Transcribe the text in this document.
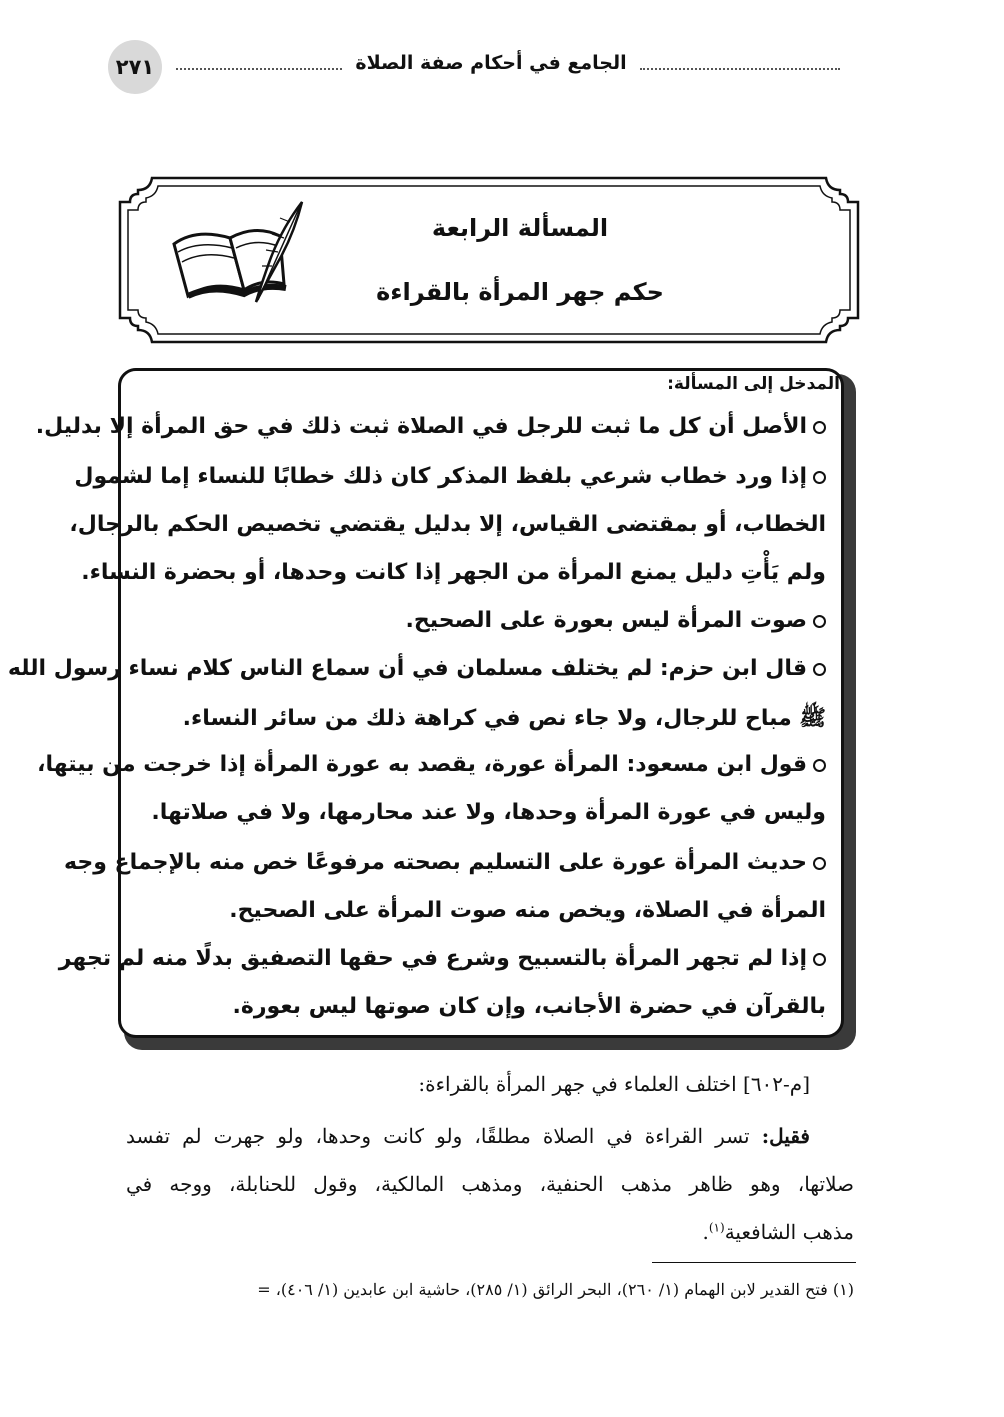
٢٧١	الجامع في أحكام صفة الصلاة
المسألة الرابعة
حكم جهر المرأة بالقراءة
المدخل إلى المسألة:
الأصل أن كل ما ثبت للرجل في الصلاة ثبت ذلك في حق المرأة إلا بدليل.
إذا ورد خطاب شرعي بلفظ المذكر كان ذلك خطابًا للنساء إما لشمول
الخطاب، أو بمقتضى القياس، إلا بدليل يقتضي تخصيص الحكم بالرجال،
ولم يَأْتِ دليل يمنع المرأة من الجهر إذا كانت وحدها، أو بحضرة النساء.
صوت المرأة ليس بعورة على الصحيح.
قال ابن حزم: لم يختلف مسلمان في أن سماع الناس كلام نساء رسول الله
ﷺ مباح للرجال، ولا جاء نص في كراهة ذلك من سائر النساء.
قول ابن مسعود: المرأة عورة، يقصد به عورة المرأة إذا خرجت من بيتها،
وليس في عورة المرأة وحدها، ولا عند محارمها، ولا في صلاتها.
حديث المرأة عورة على التسليم بصحته مرفوعًا خص منه بالإجماع وجه
المرأة في الصلاة، ويخص منه صوت المرأة على الصحيح.
إذا لم تجهر المرأة بالتسبيح وشرع في حقها التصفيق بدلًا منه لم تجهر
بالقرآن في حضرة الأجانب، وإن كان صوتها ليس بعورة.
[م-٦٠٢] اختلف العلماء في جهر المرأة بالقراءة:
فقيل: تسر القراءة في الصلاة مطلقًا، ولو كانت وحدها، ولو جهرت لم تفسد
صلاتها، وهو ظاهر مذهب الحنفية، ومذهب المالكية، وقول للحنابلة، ووجه في
مذهب الشافعية$^{(١)}$.
(١) فتح القدير لابن الهمام (١/ ٢٦٠)، البحر الرائق (١/ ٢٨٥)، حاشية ابن عابدين (١/ ٤٠٦)، =
